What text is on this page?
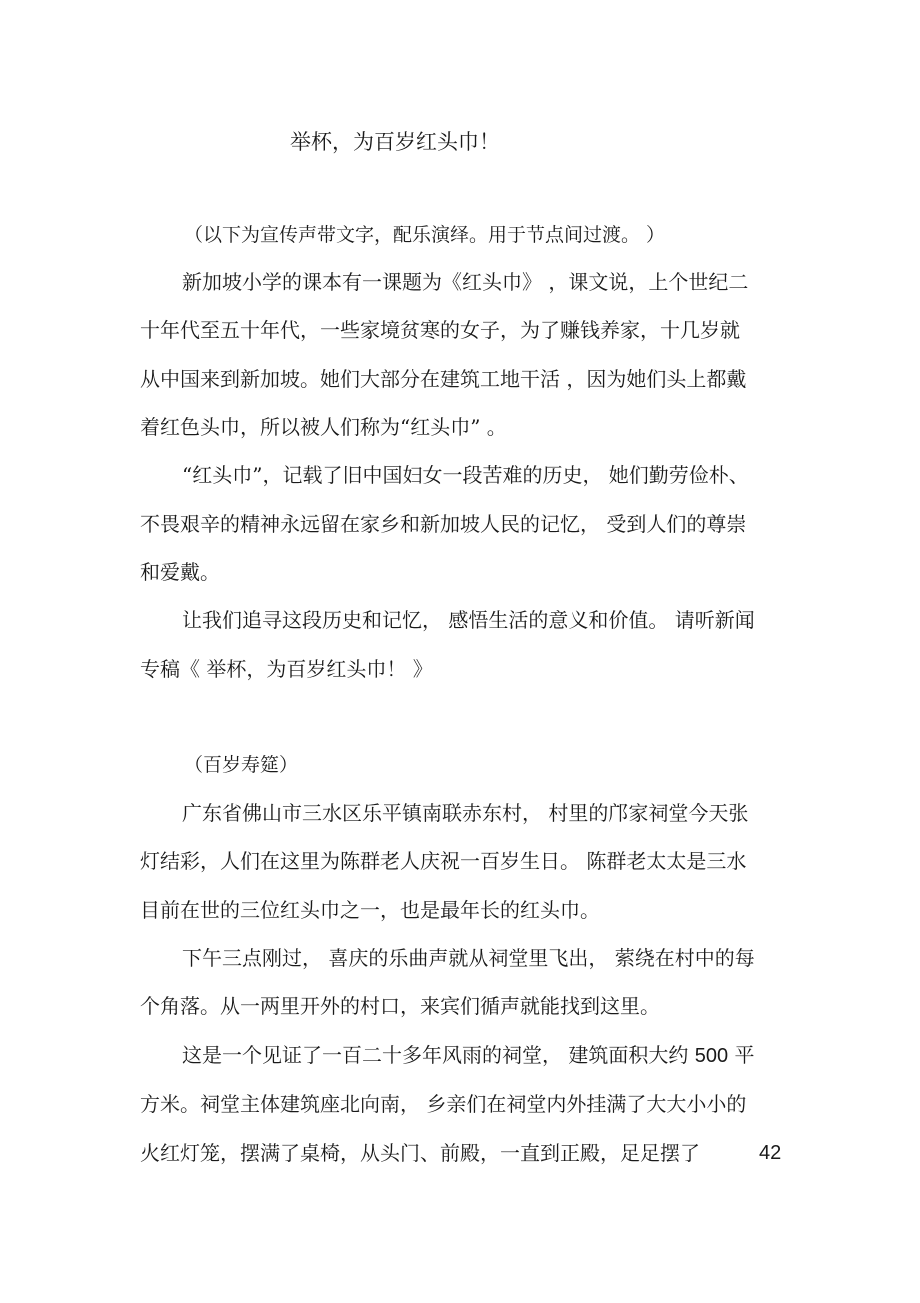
举杯，为百岁红头巾！
（以下为宣传声带文字，配乐演绎。用于节点间过渡。 ）
新加坡小学的课本有一课题为《红头巾》 ，课文说，上个世纪二
十年代至五十年代，一些家境贫寒的女子，为了赚钱养家，十几岁就
从中国来到新加坡。她们大部分在建筑工地干活 ，因为她们头上都戴
着红色头巾，所以被人们称为“红头巾” 。
“红头巾”，记载了旧中国妇女一段苦难的历史， 她们勤劳俭朴、
不畏艰辛的精神永远留在家乡和新加坡人民的记忆， 受到人们的尊崇
和爱戴。
让我们追寻这段历史和记忆， 感悟生活的意义和价值。 请听新闻
专稿《 举杯，为百岁红头巾！ 》
（百岁寿筵）
广东省佛山市三水区乐平镇南联赤东村， 村里的邝家祠堂今天张
灯结彩，人们在这里为陈群老人庆祝一百岁生日。 陈群老太太是三水
目前在世的三位红头巾之一，也是最年长的红头巾。
下午三点刚过， 喜庆的乐曲声就从祠堂里飞出， 萦绕在村中的每
个角落。从一两里开外的村口，来宾们循声就能找到这里。
这是一个见证了一百二十多年风雨的祠堂， 建筑面积大约 500 平
方米。祠堂主体建筑座北向南， 乡亲们在祠堂内外挂满了大大小小的
火红灯笼，摆满了桌椅，从头门、前殿，一直到正殿，足足摆了	42
